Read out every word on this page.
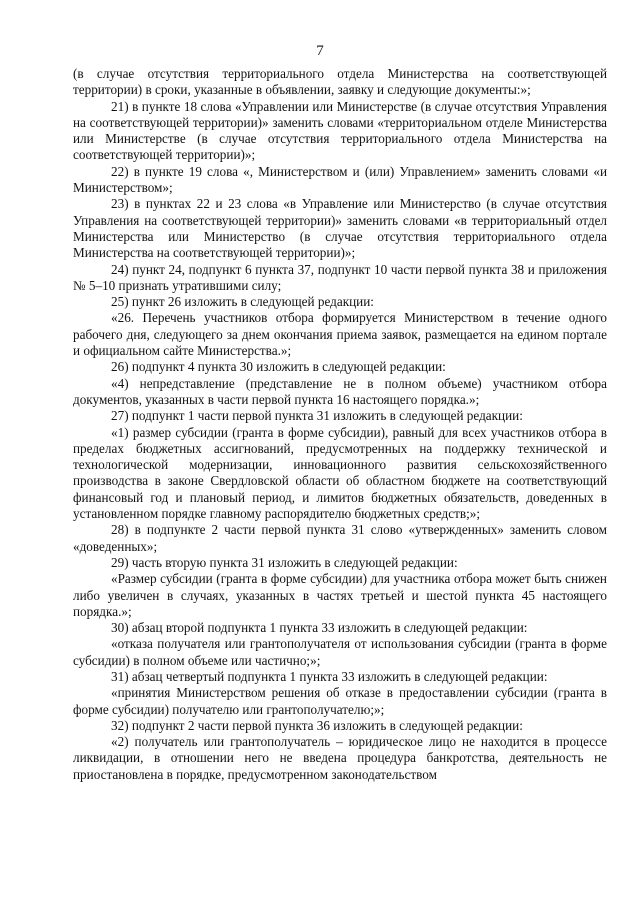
7

(в случае отсутствия территориального отдела Министерства на соответствующей территории) в сроки, указанные в объявлении, заявку и следующие документы:»;

21) в пункте 18 слова «Управлении или Министерстве (в случае отсутствия Управления на соответствующей территории)» заменить словами «территориальном отделе Министерства или Министерстве (в случае отсутствия территориального отдела Министерства на соответствующей территории)»;

22) в пункте 19 слова «, Министерством и (или) Управлением» заменить словами «и Министерством»;

23) в пунктах 22 и 23 слова «в Управление или Министерство (в случае отсутствия Управления на соответствующей территории)» заменить словами «в территориальный отдел Министерства или Министерство (в случае отсутствия территориального отдела Министерства на соответствующей территории)»;

24) пункт 24, подпункт 6 пункта 37, подпункт 10 части первой пункта 38 и приложения № 5–10 признать утратившими силу;

25) пункт 26 изложить в следующей редакции:

«26. Перечень участников отбора формируется Министерством в течение одного рабочего дня, следующего за днем окончания приема заявок, размещается на едином портале и официальном сайте Министерства.»;

26) подпункт 4 пункта 30 изложить в следующей редакции:

«4) непредставление (представление не в полном объеме) участником отбора документов, указанных в части первой пункта 16 настоящего порядка.»;

27) подпункт 1 части первой пункта 31 изложить в следующей редакции:

«1) размер субсидии (гранта в форме субсидии), равный для всех участников отбора в пределах бюджетных ассигнований, предусмотренных на поддержку технической и технологической модернизации, инновационного развития сельскохозяйственного производства в законе Свердловской области об областном бюджете на соответствующий финансовый год и плановый период, и лимитов бюджетных обязательств, доведенных в установленном порядке главному распорядителю бюджетных средств;»;

28) в подпункте 2 части первой пункта 31 слово «утвержденных» заменить словом «доведенных»;

29) часть вторую пункта 31 изложить в следующей редакции:

«Размер субсидии (гранта в форме субсидии) для участника отбора может быть снижен либо увеличен в случаях, указанных в частях третьей и шестой пункта 45 настоящего порядка.»;

30) абзац второй подпункта 1 пункта 33 изложить в следующей редакции:

«отказа получателя или грантополучателя от использования субсидии (гранта в форме субсидии) в полном объеме или частично;»;

31) абзац четвертый подпункта 1 пункта 33 изложить в следующей редакции:

«принятия Министерством решения об отказе в предоставлении субсидии (гранта в форме субсидии) получателю или грантополучателю;»;

32) подпункт 2 части первой пункта 36 изложить в следующей редакции:

«2) получатель или грантополучатель – юридическое лицо не находится в процессе ликвидации, в отношении него не введена процедура банкротства, деятельность не приостановлена в порядке, предусмотренном законодательством
